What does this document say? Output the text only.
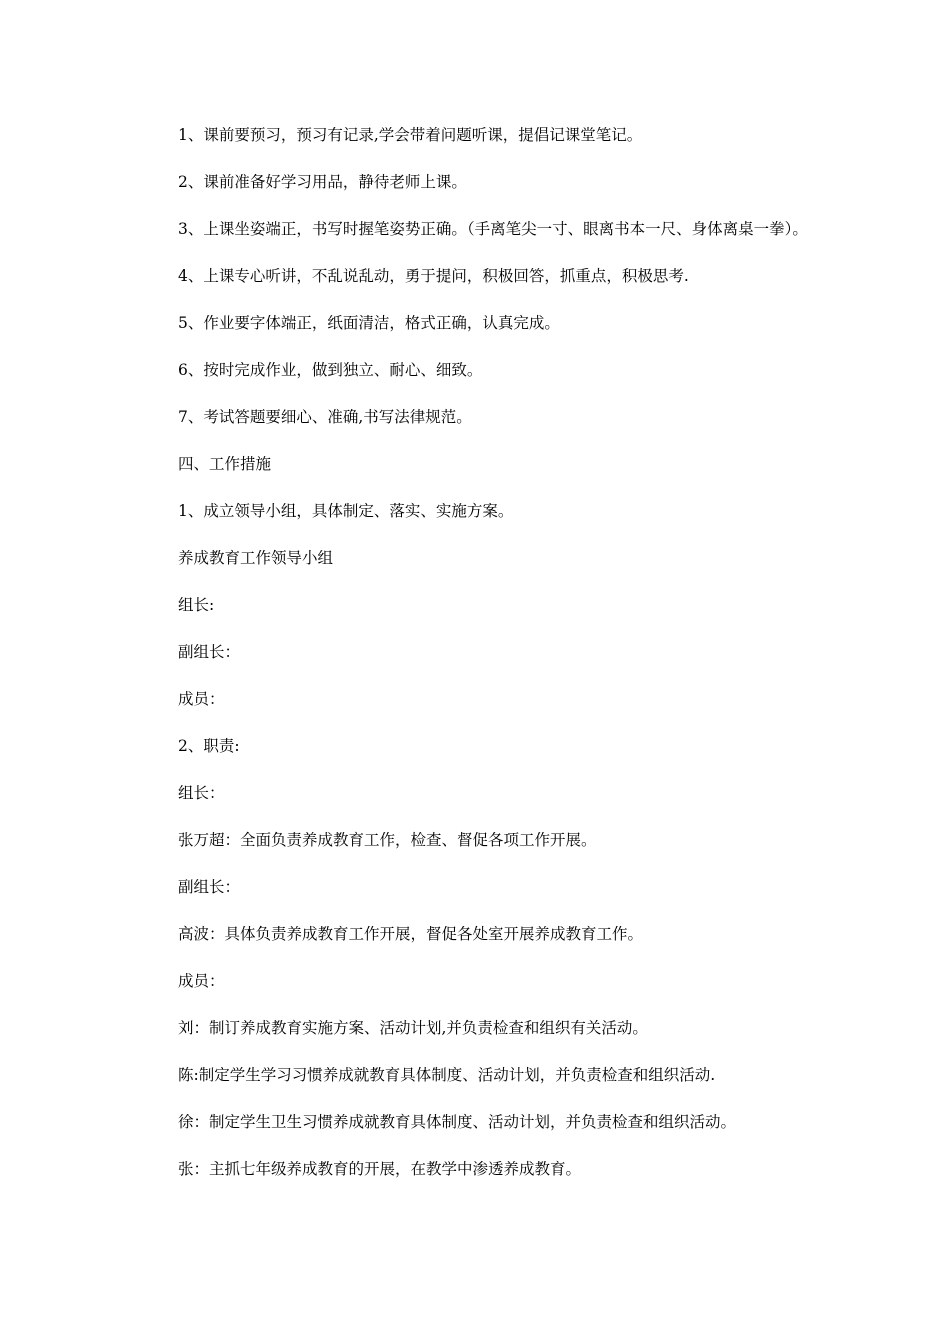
1、课前要预习，预习有记录,学会带着问题听课，提倡记课堂笔记。

2、课前准备好学习用品，静待老师上课。

3、上课坐姿端正，书写时握笔姿势正确。（手离笔尖一寸、眼离书本一尺、身体离桌一拳）。

4、上课专心听讲，不乱说乱动，勇于提问，积极回答，抓重点，积极思考.

5、作业要字体端正，纸面清洁，格式正确，认真完成。

6、按时完成作业，做到独立、耐心、细致。

7、考试答题要细心、准确,书写法律规范。

四、工作措施

1、成立领导小组，具体制定、落实、实施方案。

养成教育工作领导小组

组长:

副组长：

成员：

2、职责:

组长：

张万超：全面负责养成教育工作，检查、督促各项工作开展。

副组长：

高波：具体负责养成教育工作开展，督促各处室开展养成教育工作。

成员：

刘：制订养成教育实施方案、活动计划,并负责检查和组织有关活动。

陈:制定学生学习习惯养成就教育具体制度、活动计划，并负责检查和组织活动.

徐：制定学生卫生习惯养成就教育具体制度、活动计划，并负责检查和组织活动。

张：主抓七年级养成教育的开展，在教学中渗透养成教育。
